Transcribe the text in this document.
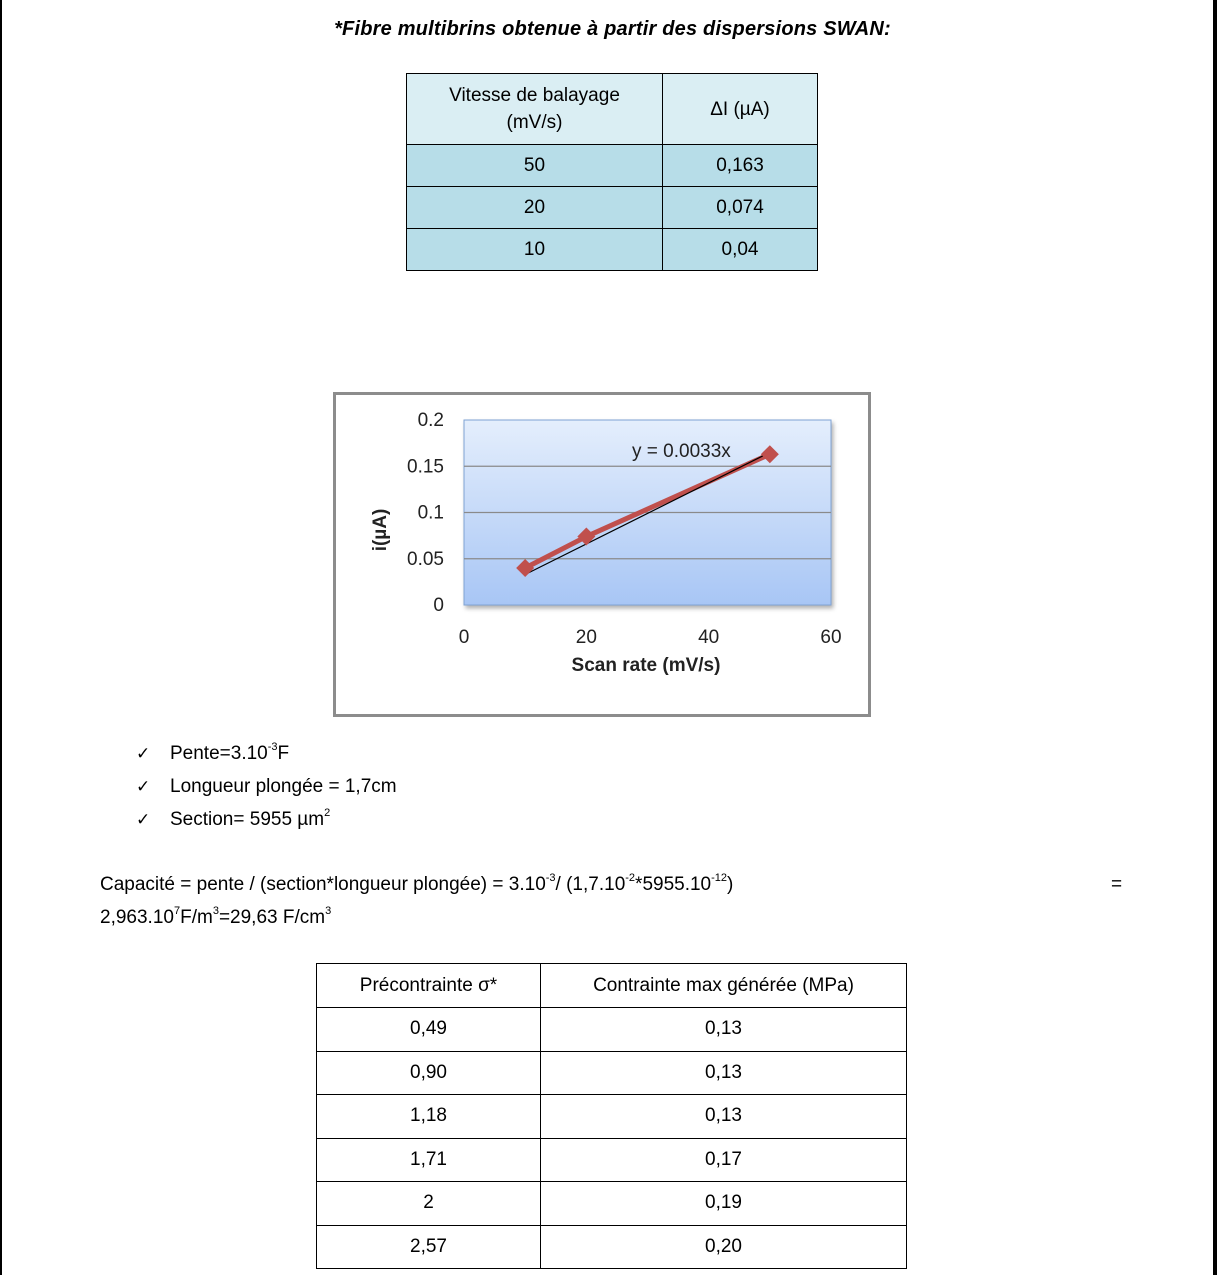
*Fibre multibrins obtenue à partir des dispersions SWAN:
Vitesse de balayage
(mV/s)	ΔI (µA)
50	0,163
20	0,074
10	0,04
0
0.05
0.1
0.15
0.2
0	20	40	60
i(µA)
Scan rate (mV/s)
y = 0.0033x
✓ $Pente=3.10^{-3}F$
✓ Longueur plongée = 1,7cm
✓ Section= 5955 µm$^2$
Capacité = pente / (section*longueur plongée) = $3.10^{-3}/$ $(1,7.10^{-2}*5955.10^{-12})$	=
$2,963.10^7F/m^3=29,63$ $F/cm^3$
Précontrainte σ*	Contrainte max générée (MPa)
0,49	0,13
0,90	0,13
1,18	0,13
1,71	0,17
2	0,19
2,57	0,20
